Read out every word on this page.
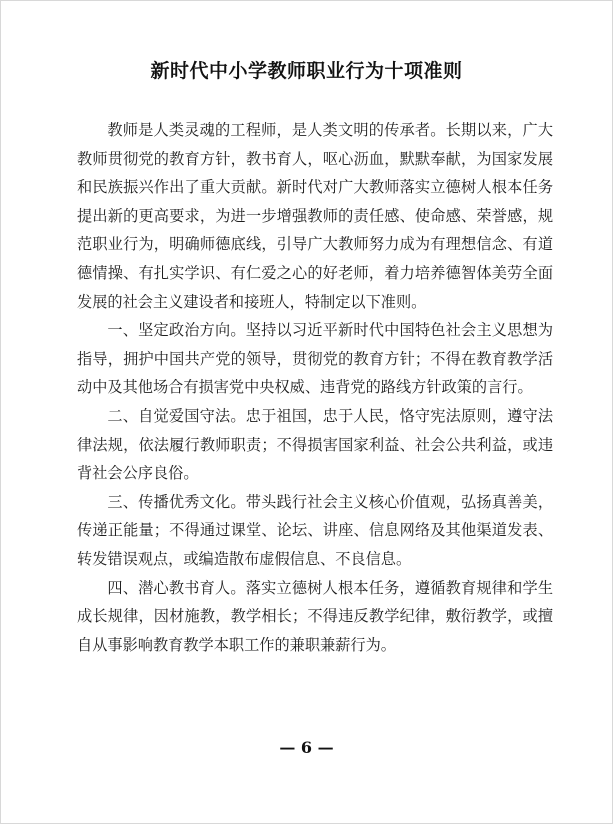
新时代中小学教师职业行为十项准则

教师是人类灵魂的工程师，是人类文明的传承者。长期以来，广大教师贯彻党的教育方针，教书育人，呕心沥血，默默奉献，为国家发展和民族振兴作出了重大贡献。新时代对广大教师落实立德树人根本任务提出新的更高要求，为进一步增强教师的责任感、使命感、荣誉感，规范职业行为，明确师德底线，引导广大教师努力成为有理想信念、有道德情操、有扎实学识、有仁爱之心的好老师，着力培养德智体美劳全面发展的社会主义建设者和接班人，特制定以下准则。

一、坚定政治方向。坚持以习近平新时代中国特色社会主义思想为指导，拥护中国共产党的领导，贯彻党的教育方针；不得在教育教学活动中及其他场合有损害党中央权威、违背党的路线方针政策的言行。

二、自觉爱国守法。忠于祖国，忠于人民，恪守宪法原则，遵守法律法规，依法履行教师职责；不得损害国家利益、社会公共利益，或违背社会公序良俗。

三、传播优秀文化。带头践行社会主义核心价值观，弘扬真善美，传递正能量；不得通过课堂、论坛、讲座、信息网络及其他渠道发表、转发错误观点，或编造散布虚假信息、不良信息。

四、潜心教书育人。落实立德树人根本任务，遵循教育规律和学生成长规律，因材施教，教学相长；不得违反教学纪律，敷衍教学，或擅自从事影响教育教学本职工作的兼职兼薪行为。

— 6 —
